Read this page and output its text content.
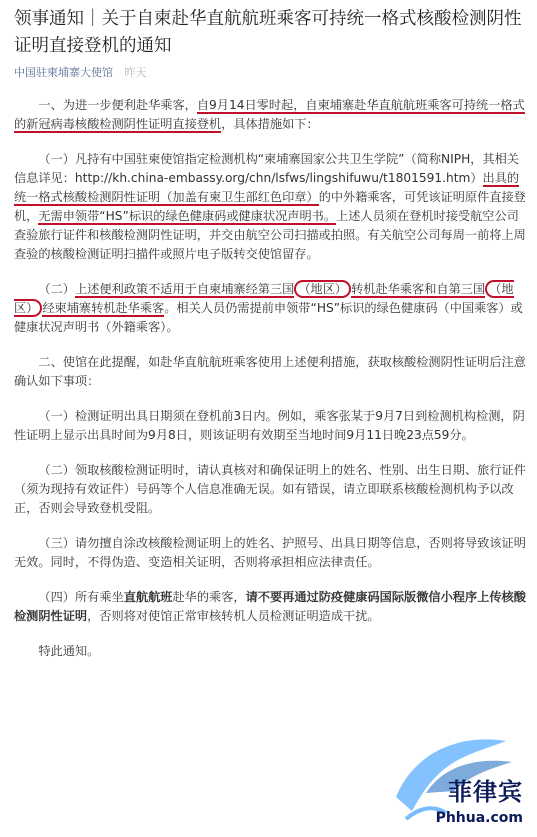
领事通知｜关于自柬赴华直航航班乘客可持统一格式核酸检测阴性证明直接登机的通知
中国驻柬埔寨大使馆 昨天

一、为进一步便利赴华乘客，自9月14日零时起，自柬埔寨赴华直航航班乘客可持统一格式的新冠病毒核酸检测阴性证明直接登机，具体措施如下：

（一）凡持有中国驻柬使馆指定检测机构“柬埔寨国家公共卫生学院”（简称NIPH，其相关信息详见：http://kh.china-embassy.org/chn/lsfws/lingshifuwu/t1801591.htm）出具的统一格式核酸检测阴性证明（加盖有柬卫生部红色印章）的中外籍乘客，可凭该证明原件直接登机，无需申领带“HS”标识的绿色健康码或健康状况声明书。上述人员须在登机时接受航空公司查验旅行证件和核酸检测阴性证明，并交由航空公司扫描或拍照。有关航空公司每周一前将上周查验的核酸检测证明扫描件或照片电子版转交使馆留存。

（二）上述便利政策不适用于自柬埔寨经第三国 （地区） 转机赴华乘客和自第三国 （地区） 经柬埔寨转机赴华乘客。相关人员仍需提前申领带“HS”标识的绿色健康码（中国乘客）或健康状况声明书（外籍乘客）。

二、使馆在此提醒，如赴华直航航班乘客使用上述便利措施，获取核酸检测阴性证明后注意确认如下事项：

（一）检测证明出具日期须在登机前3日内。例如，乘客张某于9月7日到检测机构检测，阴性证明上显示出具时间为9月8日，则该证明有效期至当地时间9月11日晚23点59分。

（二）领取核酸检测证明时，请认真核对和确保证明上的姓名、性别、出生日期、旅行证件（须为现持有效证件）号码等个人信息准确无误。如有错误，请立即联系核酸检测机构予以改正，否则会导致登机受阻。

（三）请勿擅自涂改核酸检测证明上的姓名、护照号、出具日期等信息，否则将导致该证明无效。同时，不得伪造、变造相关证明，否则将承担相应法律责任。

（四）所有乘坐直航航班赴华的乘客，请不要再通过防疫健康码国际版微信小程序上传核酸检测阴性证明，否则将对使馆正常审核转机人员检测证明造成干扰。

特此通知。

菲律宾
Phhua.com
